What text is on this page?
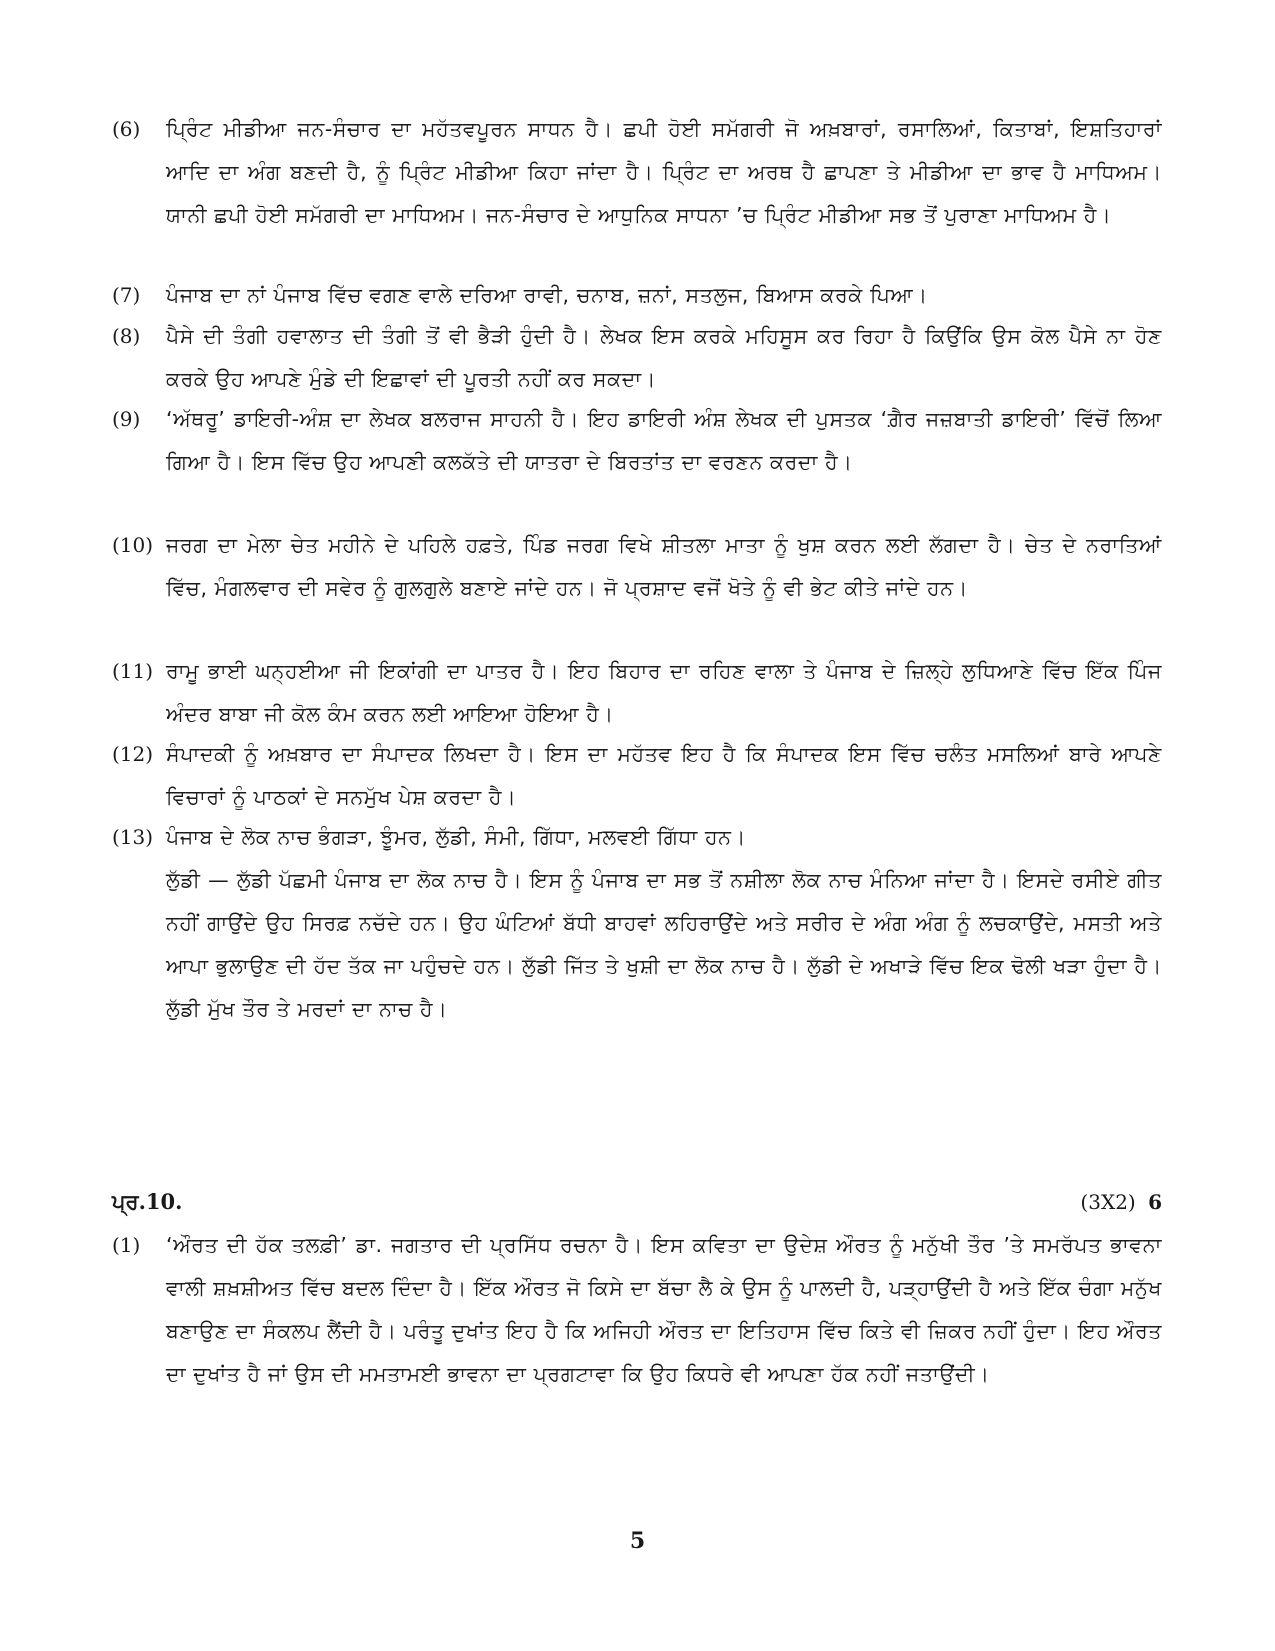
(6)	ਪ੍ਰਿੰਟ ਮੀਡੀਆ ਜਨ-ਸੰਚਾਰ ਦਾ ਮਹੱਤਵਪੂਰਨ ਸਾਧਨ ਹੈ। ਛਪੀ ਹੋਈ ਸਮੱਗਰੀ ਜੋ ਅਖ਼ਬਾਰਾਂ, ਰਸਾਲਿਆਂ, ਕਿਤਾਬਾਂ, ਇਸ਼ਤਿਹਾਰਾਂ ਆਦਿ ਦਾ ਅੰਗ ਬਣਦੀ ਹੈ, ਨੂੰ ਪ੍ਰਿੰਟ ਮੀਡੀਆ ਕਿਹਾ ਜਾਂਦਾ ਹੈ। ਪ੍ਰਿੰਟ ਦਾ ਅਰਥ ਹੈ ਛਾਪਣਾ ਤੇ ਮੀਡੀਆ ਦਾ ਭਾਵ ਹੈ ਮਾਧਿਅਮ। ਯਾਨੀ ਛਪੀ ਹੋਈ ਸਮੱਗਰੀ ਦਾ ਮਾਧਿਅਮ। ਜਨ-ਸੰਚਾਰ ਦੇ ਆਧੁਨਿਕ ਸਾਧਨਾ ’ਚ ਪ੍ਰਿੰਟ ਮੀਡੀਆ ਸਭ ਤੋਂ ਪੁਰਾਣਾ ਮਾਧਿਅਮ ਹੈ।
(7)	ਪੰਜਾਬ ਦਾ ਨਾਂ ਪੰਜਾਬ ਵਿੱਚ ਵਗਣ ਵਾਲੇ ਦਰਿਆ ਰਾਵੀ, ਚਨਾਬ, ਜ਼ਨਾਂ, ਸਤਲੁਜ, ਬਿਆਸ ਕਰਕੇ ਪਿਆ।
(8)	ਪੈਸੇ ਦੀ ਤੰਗੀ ਹਵਾਲਾਤ ਦੀ ਤੰਗੀ ਤੋਂ ਵੀ ਭੈੜੀ ਹੁੰਦੀ ਹੈ। ਲੇਖਕ ਇਸ ਕਰਕੇ ਮਹਿਸੂਸ ਕਰ ਰਿਹਾ ਹੈ ਕਿਉਂਕਿ ਉਸ ਕੋਲ ਪੈਸੇ ਨਾ ਹੋਣ ਕਰਕੇ ਉਹ ਆਪਣੇ ਮੁੰਡੇ ਦੀ ਇਛਾਵਾਂ ਦੀ ਪੂਰਤੀ ਨਹੀਂ ਕਰ ਸਕਦਾ।
(9)	‘ਅੱਥਰੂ’ ਡਾਇਰੀ-ਅੰਸ਼ ਦਾ ਲੇਖਕ ਬਲਰਾਜ ਸਾਹਨੀ ਹੈ। ਇਹ ਡਾਇਰੀ ਅੰਸ਼ ਲੇਖਕ ਦੀ ਪੁਸਤਕ ‘ਗ਼ੈਰ ਜਜ਼ਬਾਤੀ ਡਾਇਰੀ’ ਵਿੱਚੋਂ ਲਿਆ ਗਿਆ ਹੈ। ਇਸ ਵਿੱਚ ਉਹ ਆਪਣੀ ਕਲਕੱਤੇ ਦੀ ਯਾਤਰਾ ਦੇ ਬਿਰਤਾਂਤ ਦਾ ਵਰਣਨ ਕਰਦਾ ਹੈ।
(10) ਜਰਗ ਦਾ ਮੇਲਾ ਚੇਤ ਮਹੀਨੇ ਦੇ ਪਹਿਲੇ ਹਫ਼ਤੇ, ਪਿੰਡ ਜਰਗ ਵਿਖੇ ਸ਼ੀਤਲਾ ਮਾਤਾ ਨੂੰ ਖੁਸ਼ ਕਰਨ ਲਈ ਲੱਗਦਾ ਹੈ। ਚੇਤ ਦੇ ਨਰਾਤਿਆਂ ਵਿੱਚ, ਮੰਗਲਵਾਰ ਦੀ ਸਵੇਰ ਨੂੰ ਗੁਲਗੁਲੇ ਬਣਾਏ ਜਾਂਦੇ ਹਨ। ਜੋ ਪ੍ਰਸ਼ਾਦ ਵਜੋਂ ਖੋਤੇ ਨੂੰ ਵੀ ਭੇਟ ਕੀਤੇ ਜਾਂਦੇ ਹਨ।
(11) ਰਾਮੂ ਭਾਈ ਘਨ੍ਹਈਆ ਜੀ ਇਕਾਂਗੀ ਦਾ ਪਾਤਰ ਹੈ। ਇਹ ਬਿਹਾਰ ਦਾ ਰਹਿਣ ਵਾਲਾ ਤੇ ਪੰਜਾਬ ਦੇ ਜ਼ਿਲ੍ਹੇ ਲੁਧਿਆਣੇ ਵਿੱਚ ਇੱਕ ਪਿੰਜ ਅੰਦਰ ਬਾਬਾ ਜੀ ਕੋਲ ਕੰਮ ਕਰਨ ਲਈ ਆਇਆ ਹੋਇਆ ਹੈ।
(12) ਸੰਪਾਦਕੀ ਨੂੰ ਅਖ਼ਬਾਰ ਦਾ ਸੰਪਾਦਕ ਲਿਖਦਾ ਹੈ। ਇਸ ਦਾ ਮਹੱਤਵ ਇਹ ਹੈ ਕਿ ਸੰਪਾਦਕ ਇਸ ਵਿੱਚ ਚਲੰਤ ਮਸਲਿਆਂ ਬਾਰੇ ਆਪਣੇ ਵਿਚਾਰਾਂ ਨੂੰ ਪਾਠਕਾਂ ਦੇ ਸਨਮੁੱਖ ਪੇਸ਼ ਕਰਦਾ ਹੈ।
(13) ਪੰਜਾਬ ਦੇ ਲੋਕ ਨਾਚ ਭੰਗੜਾ, ਝੂੰਮਰ, ਲੁੱਡੀ, ਸੰਮੀ, ਗਿੱਧਾ, ਮਲਵਈ ਗਿੱਧਾ ਹਨ।

ਲੁੱਡੀ — ਲੁੱਡੀ ਪੱਛਮੀ ਪੰਜਾਬ ਦਾ ਲੋਕ ਨਾਚ ਹੈ। ਇਸ ਨੂੰ ਪੰਜਾਬ ਦਾ ਸਭ ਤੋਂ ਨਸ਼ੀਲਾ ਲੋਕ ਨਾਚ ਮੰਨਿਆ ਜਾਂਦਾ ਹੈ। ਇਸਦੇ ਰਸੀਏ ਗੀਤ ਨਹੀਂ ਗਾਉਂਦੇ ਉਹ ਸਿਰਫ਼ ਨਚੱਦੇ ਹਨ। ਉਹ ਘੰਟਿਆਂ ਬੱਧੀ ਬਾਹਵਾਂ ਲਹਿਰਾਉਂਦੇ ਅਤੇ ਸਰੀਰ ਦੇ ਅੰਗ ਅੰਗ ਨੂੰ ਲਚਕਾਉਂਦੇ, ਮਸਤੀ ਅਤੇ ਆਪਾ ਭੁਲਾਉਣ ਦੀ ਹੱਦ ਤੱਕ ਜਾ ਪਹੁੰਚਦੇ ਹਨ। ਲੁੱਡੀ ਜਿੱਤ ਤੇ ਖੁਸ਼ੀ ਦਾ ਲੋਕ ਨਾਚ ਹੈ। ਲੁੱਡੀ ਦੇ ਅਖਾੜੇ ਵਿੱਚ ਇਕ ਢੋਲੀ ਖੜਾ ਹੁੰਦਾ ਹੈ। ਲੁੱਡੀ ਮੁੱਖ ਤੌਰ ਤੇ ਮਰਦਾਂ ਦਾ ਨਾਚ ਹੈ।

ਪ੍ਰ.10.	(3X2) 6
(1)	‘ਔਰਤ ਦੀ ਹੱਕ ਤਲਫ਼ੀ’ ਡਾ. ਜਗਤਾਰ ਦੀ ਪ੍ਰਸਿੱਧ ਰਚਨਾ ਹੈ। ਇਸ ਕਵਿਤਾ ਦਾ ਉਦੇਸ਼ ਔਰਤ ਨੂੰ ਮਨੁੱਖੀ ਤੌਰ ’ਤੇ ਸਮਰੱਪਤ ਭਾਵਨਾ ਵਾਲੀ ਸ਼ਖ਼ਸ਼ੀਅਤ ਵਿੱਚ ਬਦਲ ਦਿੰਦਾ ਹੈ। ਇੱਕ ਔਰਤ ਜੋ ਕਿਸੇ ਦਾ ਬੱਚਾ ਲੈ ਕੇ ਉਸ ਨੂੰ ਪਾਲਦੀ ਹੈ, ਪੜ੍ਹਾਉਂਦੀ ਹੈ ਅਤੇ ਇੱਕ ਚੰਗਾ ਮਨੁੱਖ ਬਣਾਉਣ ਦਾ ਸੰਕਲਪ ਲੈਂਦੀ ਹੈ। ਪਰੰਤੂ ਦੁਖਾਂਤ ਇਹ ਹੈ ਕਿ ਅਜਿਹੀ ਔਰਤ ਦਾ ਇਤਿਹਾਸ ਵਿੱਚ ਕਿਤੇ ਵੀ ਜ਼ਿਕਰ ਨਹੀਂ ਹੁੰਦਾ। ਇਹ ਔਰਤ ਦਾ ਦੁਖਾਂਤ ਹੈ ਜਾਂ ਉਸ ਦੀ ਮਮਤਾਮਈ ਭਾਵਨਾ ਦਾ ਪ੍ਰਗਟਾਵਾ ਕਿ ਉਹ ਕਿਧਰੇ ਵੀ ਆਪਣਾ ਹੱਕ ਨਹੀਂ ਜਤਾਉਂਦੀ।
5
